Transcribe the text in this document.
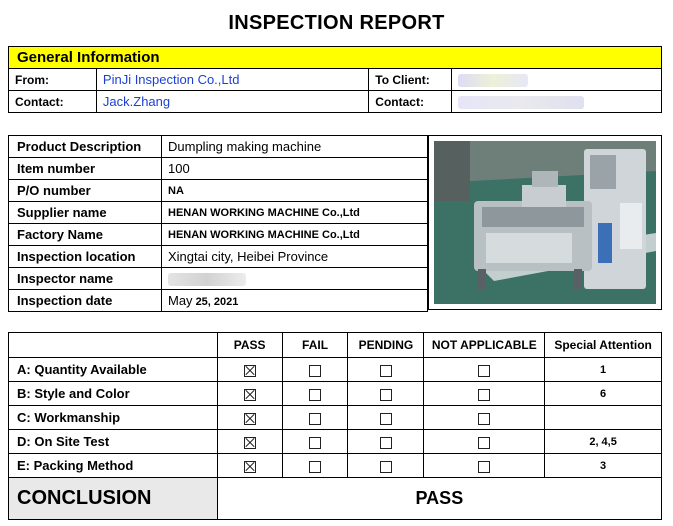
INSPECTION REPORT
General Information			
From:	PinJi Inspection Co.,Ltd	To Client:	
Contact:	Jack.Zhang	Contact:	
Product Description	Dumpling making machine
Item number	100
P/O number	NA
Supplier name	HENAN WORKING MACHINE Co.,Ltd
Factory Name	HENAN WORKING MACHINE Co.,Ltd
Inspection location	Xingtai city, Heibei Province
Inspector name	
Inspection date	May 25, 2021
	PASS	FAIL	PENDING	NOT APPLICABLE	Special Attention
A: Quantity Available					1
B: Style and Color					6
C: Workmanship					
D: On Site Test					2, 4,5
E: Packing Method					3
CONCLUSION	PASS				
